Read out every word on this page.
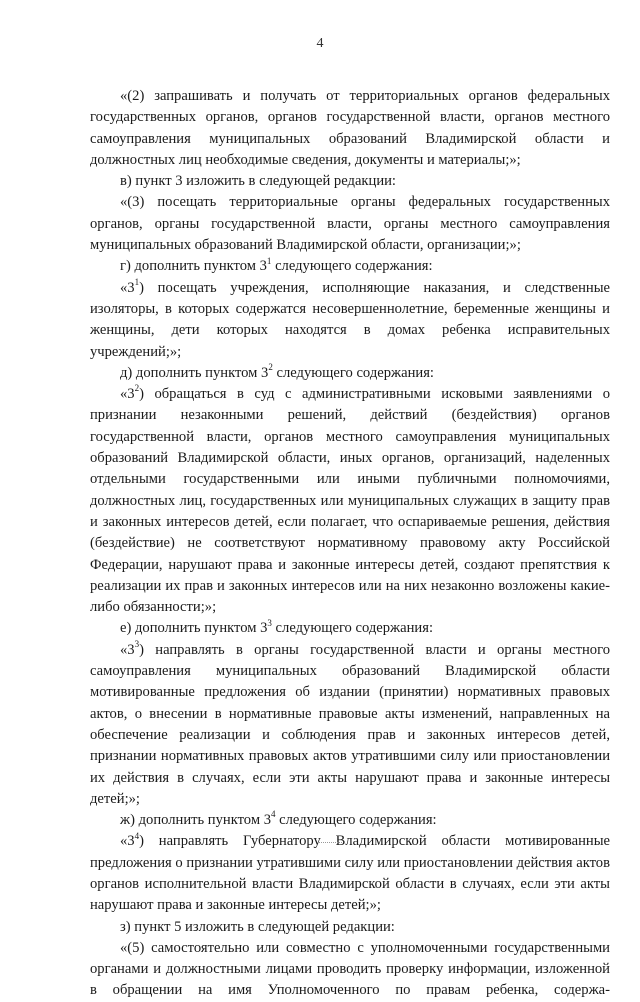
4

«(2) запрашивать и получать от территориальных органов федеральных государственных органов, органов государственной власти, органов местного самоуправления муниципальных образований Владимирской области и должностных лиц необходимые сведения, документы и материалы;»;

в) пункт 3 изложить в следующей редакции:

«(3) посещать территориальные органы федеральных государственных органов, органы государственной власти, органы местного самоуправления муниципальных образований Владимирской области, организации;»;

г) дополнить пунктом $3^1$ следующего содержания:

«$3^1$) посещать учреждения, исполняющие наказания, и следственные изоляторы, в которых содержатся несовершеннолетние, беременные женщины и женщины, дети которых находятся в домах ребенка исправительных учреждений;»;

д) дополнить пунктом $3^2$ следующего содержания:

«$3^2$) обращаться в суд с административными исковыми заявлениями о признании незаконными решений, действий (бездействия) органов государственной власти, органов местного самоуправления муниципальных образований Владимирской области, иных органов, организаций, наделенных отдельными государственными или иными публичными полномочиями, должностных лиц, государственных или муниципальных служащих в защиту прав и законных интересов детей, если полагает, что оспариваемые решения, действия (бездействие) не соответствуют нормативному правовому акту Российской Федерации, нарушают права и законные интересы детей, создают препятствия к реализации их прав и законных интересов или на них незаконно возложены какие-либо обязанности;»;

е) дополнить пунктом $3^3$ следующего содержания:

«$3^3$) направлять в органы государственной власти и органы местного самоуправления муниципальных образований Владимирской области мотивированные предложения об издании (принятии) нормативных правовых актов, о внесении в нормативные правовые акты изменений, направленных на обеспечение реализации и соблюдения прав и законных интересов детей, признании нормативных правовых актов утратившими силу или приостановлении их действия в случаях, если эти акты нарушают права и законные интересы детей;»;

ж) дополнить пунктом $3^4$ следующего содержания:

«$3^4$) направлять Губернатору Владимирской области мотивированные предложения о признании утратившими силу или приостановлении действия актов органов исполнительной власти Владимирской области в случаях, если эти акты нарушают права и законные интересы детей;»;

з) пункт 5 изложить в следующей редакции:

«(5) самостоятельно или совместно с уполномоченными государственными органами и должностными лицами проводить проверку информации, изложенной в обращении на имя Уполномоченного по правам ребенка, содержа-
